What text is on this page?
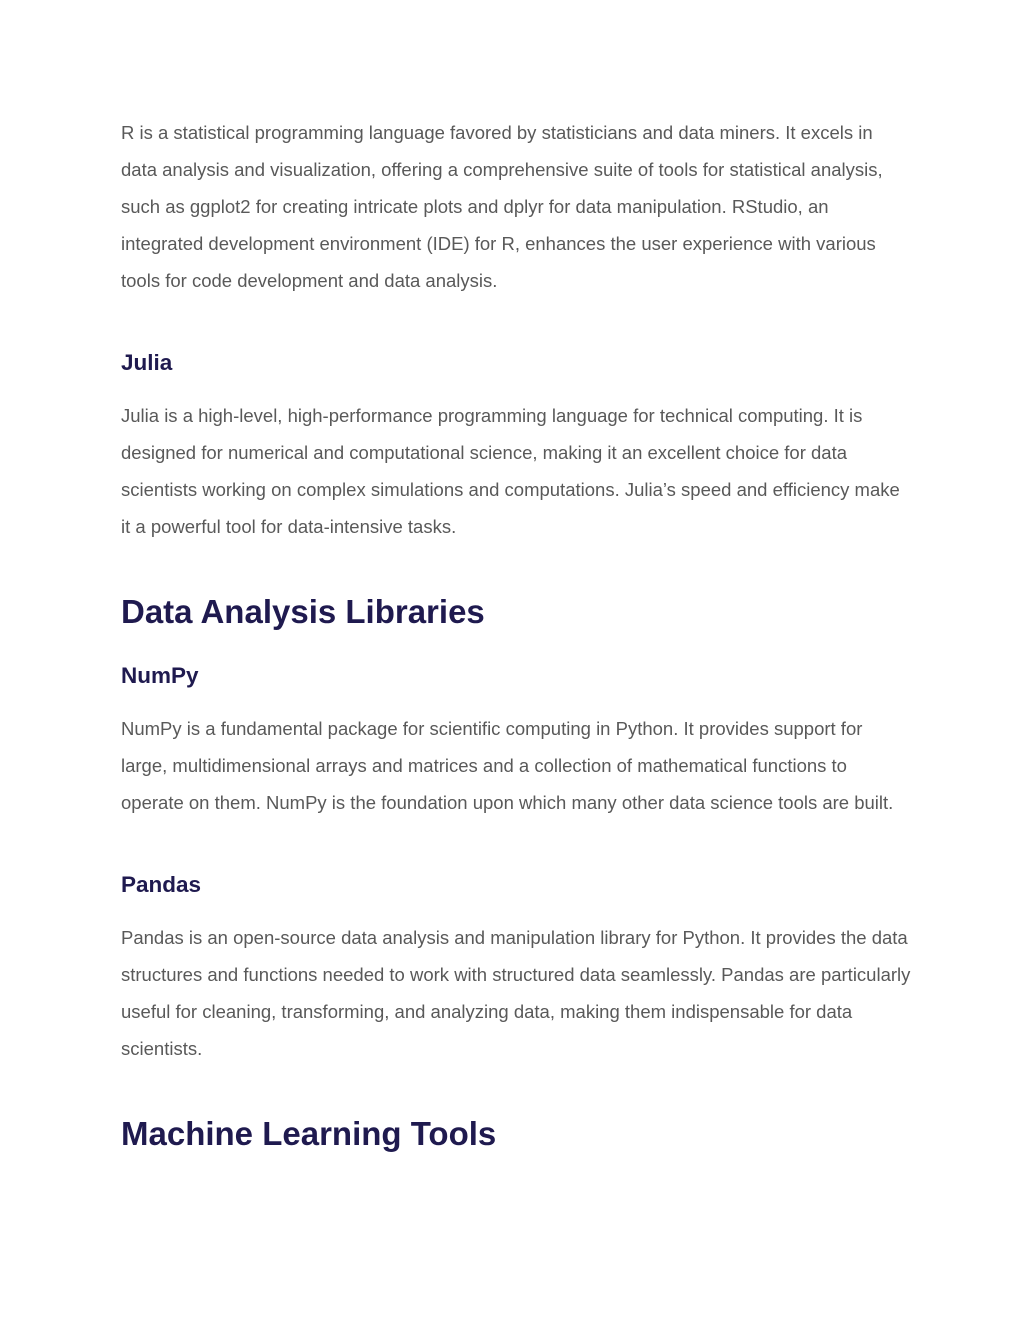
R is a statistical programming language favored by statisticians and data miners. It excels in data analysis and visualization, offering a comprehensive suite of tools for statistical analysis, such as ggplot2 for creating intricate plots and dplyr for data manipulation. RStudio, an integrated development environment (IDE) for R, enhances the user experience with various tools for code development and data analysis.

Julia

Julia is a high-level, high-performance programming language for technical computing. It is designed for numerical and computational science, making it an excellent choice for data scientists working on complex simulations and computations. Julia’s speed and efficiency make it a powerful tool for data-intensive tasks.

Data Analysis Libraries
NumPy

NumPy is a fundamental package for scientific computing in Python. It provides support for large, multidimensional arrays and matrices and a collection of mathematical functions to operate on them. NumPy is the foundation upon which many other data science tools are built.

Pandas

Pandas is an open-source data analysis and manipulation library for Python. It provides the data structures and functions needed to work with structured data seamlessly. Pandas are particularly useful for cleaning, transforming, and analyzing data, making them indispensable for data scientists.

Machine Learning Tools
